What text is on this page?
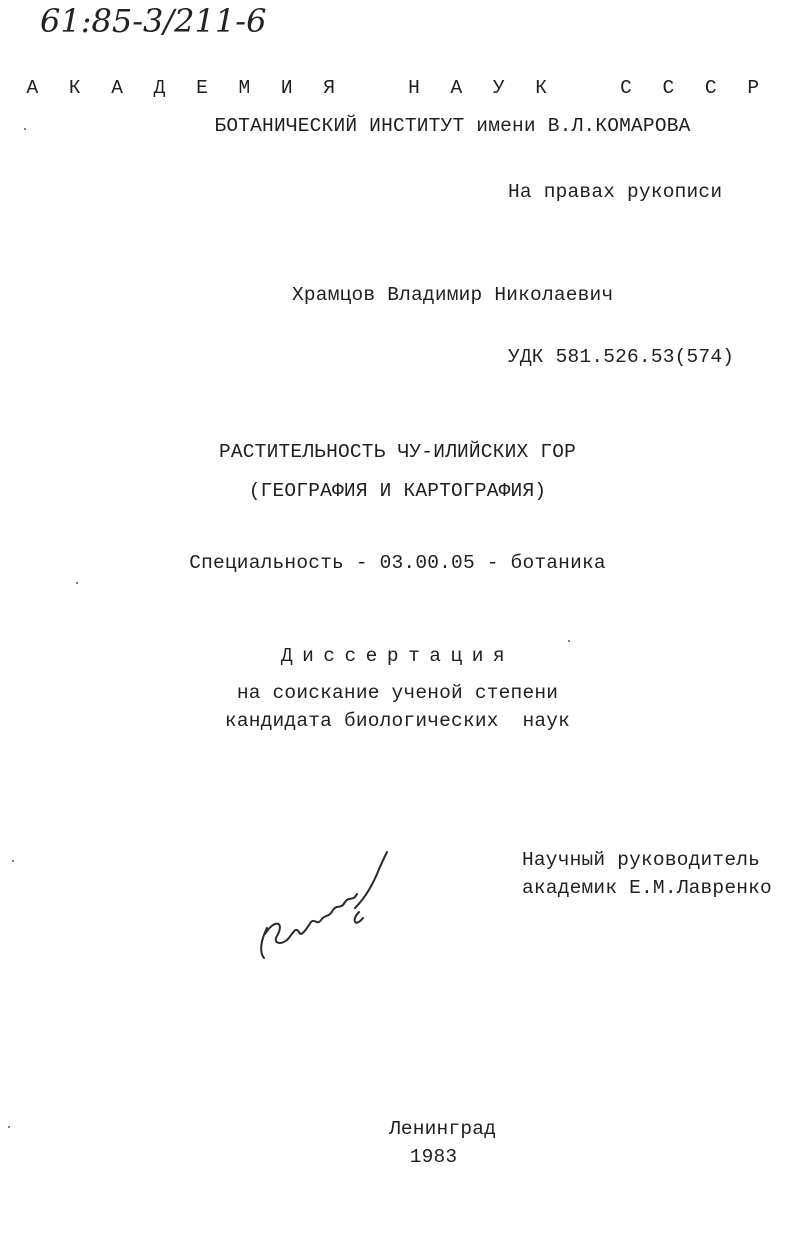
61:85-3/211-6
А К А Д Е М И Я   Н А У К   С С С Р
БОТАНИЧЕСКИЙ ИНСТИТУТ имени В.Л.КОМАРОВА
На правах рукописи
Храмцов Владимир Николаевич
УДК 581.526.53(574)
РАСТИТЕЛЬНОСТЬ ЧУ-ИЛИЙСКИХ ГОР
(ГЕОГРАФИЯ И КАРТОГРАФИЯ)
Специальность - 03.00.05 - ботаника
Диссертация
на соискание ученой степени
кандидата биологических  наук
Научный руководитель
академик Е.М.Лавренко
Ленинград
1983
